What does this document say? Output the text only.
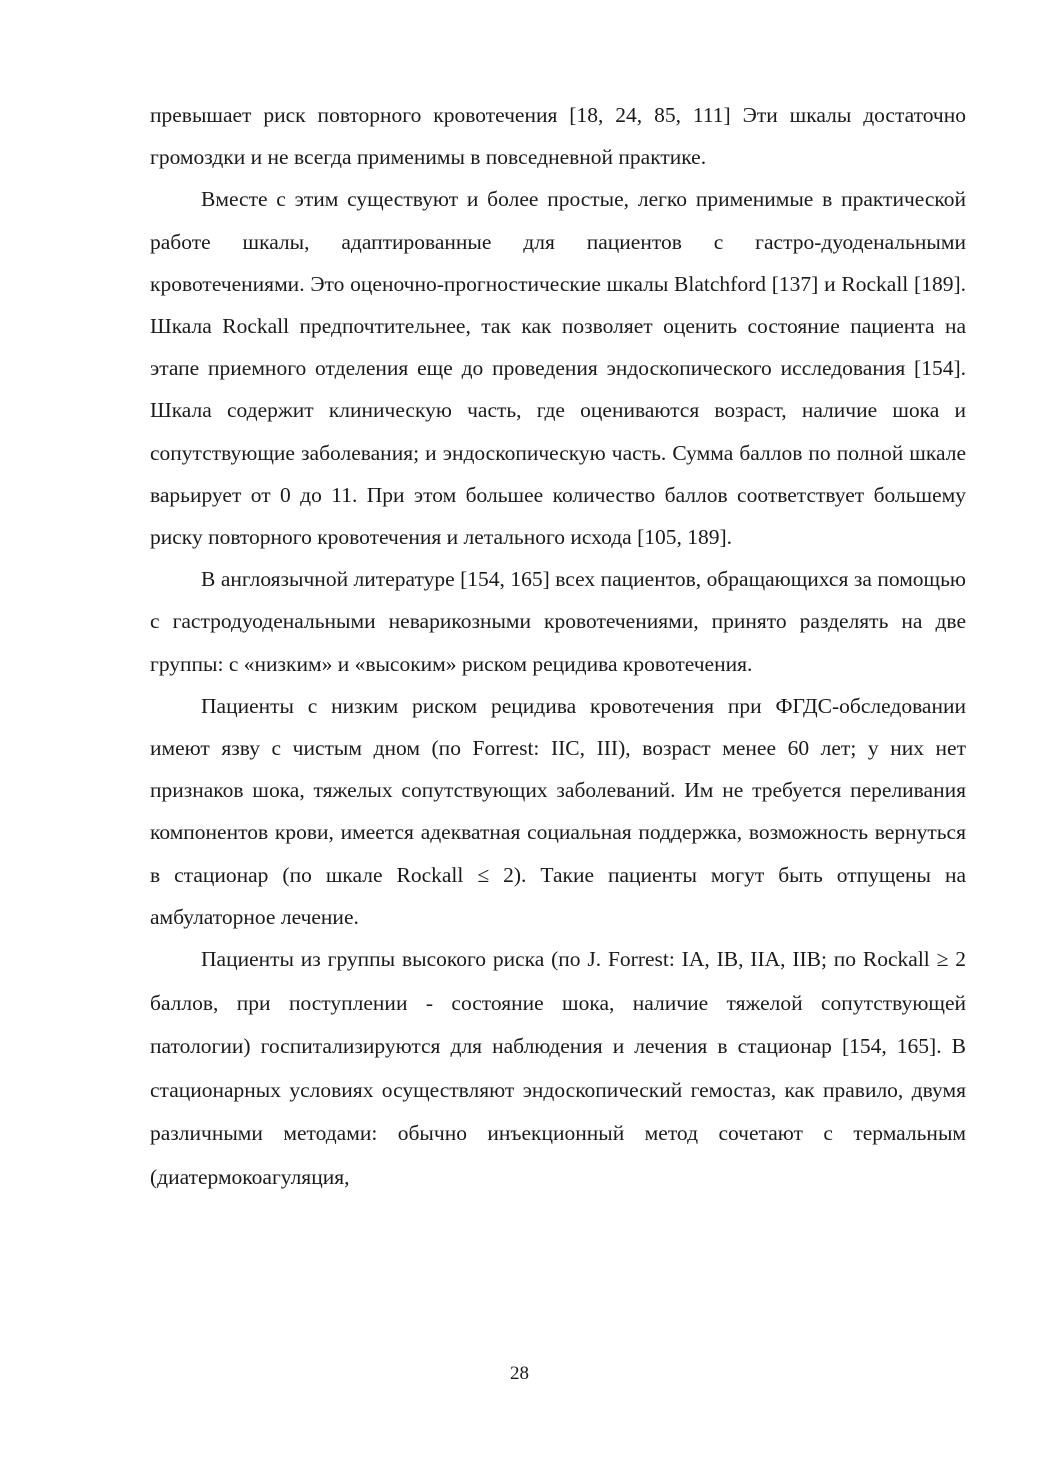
превышает риск повторного кровотечения [18, 24, 85, 111] Эти шкалы достаточно громоздки и не всегда применимы в повседневной практике.

Вместе с этим существуют и более простые, легко применимые в практической работе шкалы, адаптированные для пациентов с гастро-дуоденальными кровотечениями. Это оценочно-прогностические шкалы Blatchford [137] и Rockall [189]. Шкала Rockall предпочтительнее, так как позволяет оценить состояние пациента на этапе приемного отделения еще до проведения эндоскопического исследования [154]. Шкала содержит клиническую часть, где оцениваются возраст, наличие шока и сопутствующие заболевания; и эндоскопическую часть. Сумма баллов по полной шкале варьирует от 0 до 11. При этом большее количество баллов соответствует большему риску повторного кровотечения и летального исхода [105, 189].

В англоязычной литературе [154, 165] всех пациентов, обращающихся за помощью с гастродуоденальными неварикозными кровотечениями, принято разделять на две группы: с «низким» и «высоким» риском рецидива кровотечения.

Пациенты с низким риском рецидива кровотечения при ФГДС-обследовании имеют язву с чистым дном (по Forrest: IIC, III), возраст менее 60 лет; у них нет признаков шока, тяжелых сопутствующих заболеваний. Им не требуется переливания компонентов крови, имеется адекватная социальная поддержка, возможность вернуться в стационар (по шкале Rockall ≤ 2). Такие пациенты могут быть отпущены на амбулаторное лечение.

Пациенты из группы высокого риска (по J. Forrest: IA, IB, IIA, IIB; по Rockall ≥ 2 баллов, при поступлении - состояние шока, наличие тяжелой сопутствующей патологии) госпитализируются для наблюдения и лечения в стационар [154, 165]. В стационарных условиях осуществляют эндоскопический гемостаз, как правило, двумя различными методами: обычно инъекционный метод сочетают с термальным (диатермокоагуляция,

28
